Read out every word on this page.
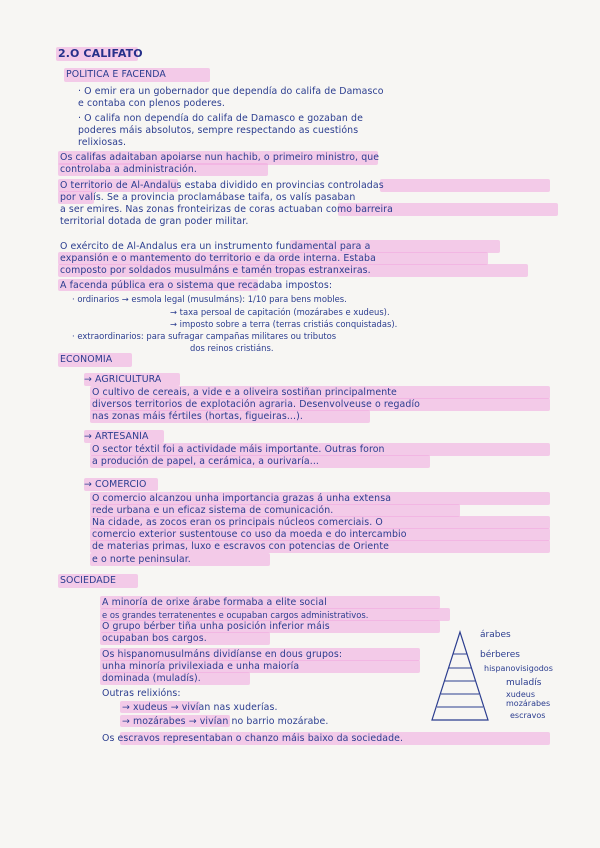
2.O CALIFATO
POLÍTICA E FACENDA
· O emir era un gobernador que dependía do califa de Damasco
e contaba con plenos poderes.
· O califa non dependía do califa de Damasco e gozaban de
poderes máis absolutos, sempre respectando as cuestións
relixiosas.
Os califas adaitaban apoiarse nun hachib, o primeiro ministro, que
controlaba a administración.
O territorio de Al-Andalus estaba dividido en provincias controladas
por valís. Se a provincia proclamábase taifa, os valís pasaban
a ser emires. Nas zonas fronteirizas de coras actuaban como barreira
territorial dotada de gran poder militar.
O exército de Al-Ándalus era un instrumento fundamental para a
expansión e o mantemento do territorio e da orde interna. Estaba
composto por soldados musulmáns e tamén tropas estranxeiras.
A facenda pública era o sistema que recadaba impostos:
· ordinarios → esmola legal (musulmáns): 1/10 para bens mobles.
→ taxa persoal de capitación (mozárabes e xudeus).
→ imposto sobre a terra (terras cristiás conquistadas).
· extraordinarios: para sufragar campañas militares ou tributos
dos reinos cristiáns.
ECONOMÍA
→ AGRICULTURA
O cultivo de cereais, a vide e a oliveira sostiñan principalmente
diversos territorios de explotación agraria. Desenvolveuse o regadío
nas zonas máis fértiles (hortas, figueiras...).
→ ARTESANÍA
O sector téxtil foi a actividade máis importante. Outras foron
a produción de papel, a cerámica, a ourivaría...
→ COMERCIO
O comercio alcanzou unha importancia grazas á unha extensa
rede urbana e un eficaz sistema de comunicación.
Na cidade, as zocos eran os principais núcleos comerciais. O
comercio exterior sustentouse co uso da moeda e do intercambio
de materias primas, luxo e escravos con potencias de Oriente
e o norte peninsular.
SOCIEDADE
A minoría de orixe árabe formaba a elite social
e os grandes terratenentes e ocupaban cargos administrativos.
O grupo bérber tiña unha posición inferior máis
ocupaban bos cargos.
Os hispanomusulmáns dividíanse en dous grupos:
unha minoría privilexiada e unha maioría
dominada (muladís).
Outras relixións:
→ xudeus → vivían nas xuderías.
→ mozárabes → vivían no barrio mozárabe.
Os escravos representaban o chanzo máis baixo da sociedade.
árabes
bérberes
hispanovisigodos
muladís
xudeus
mozárabes
escravos
